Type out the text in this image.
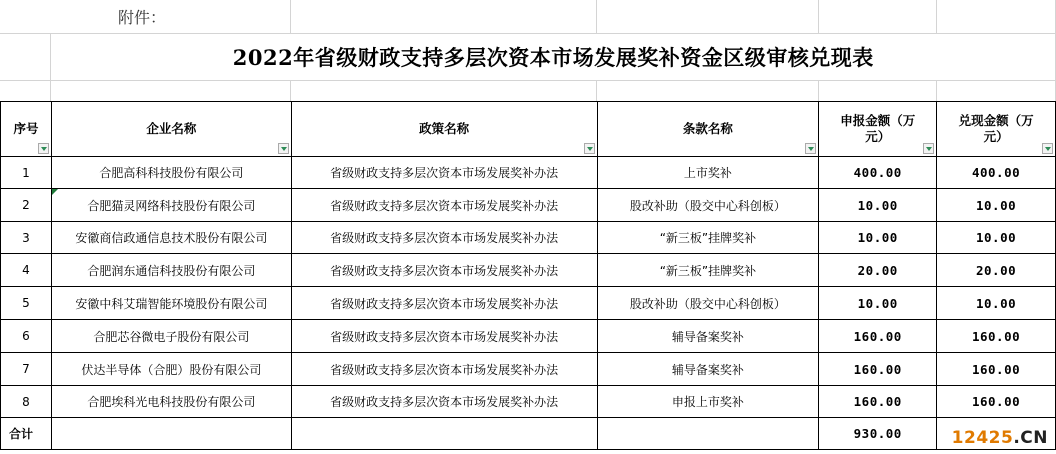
附件：					
	2022年省级财政支持多层次资本市场发展奖补资金区级审核兑现表				

序号	企业名称	政策名称	条款名称	申报金额（万元）	兑现金额（万元）

1	合肥高科科技股份有限公司	省级财政支持多层次资本市场发展奖补办法	上市奖补	400.00	400.00
2	合肥猫灵网络科技股份有限公司	省级财政支持多层次资本市场发展奖补办法	股改补助（股交中心科创板）	10.00	10.00
3	安徽商信政通信息技术股份有限公司	省级财政支持多层次资本市场发展奖补办法	“新三板”挂牌奖补	10.00	10.00
4	合肥润东通信科技股份有限公司	省级财政支持多层次资本市场发展奖补办法	“新三板”挂牌奖补	20.00	20.00
5	安徽中科艾瑞智能环境股份有限公司	省级财政支持多层次资本市场发展奖补办法	股改补助（股交中心科创板）	10.00	10.00
6	合肥芯谷微电子股份有限公司	省级财政支持多层次资本市场发展奖补办法	辅导备案奖补	160.00	160.00
7	伏达半导体（合肥）股份有限公司	省级财政支持多层次资本市场发展奖补办法	辅导备案奖补	160.00	160.00
8	合肥埃科光电科技股份有限公司	省级财政支持多层次资本市场发展奖补办法	申报上市奖补	160.00	160.00
合计				930.00		12425.CN
